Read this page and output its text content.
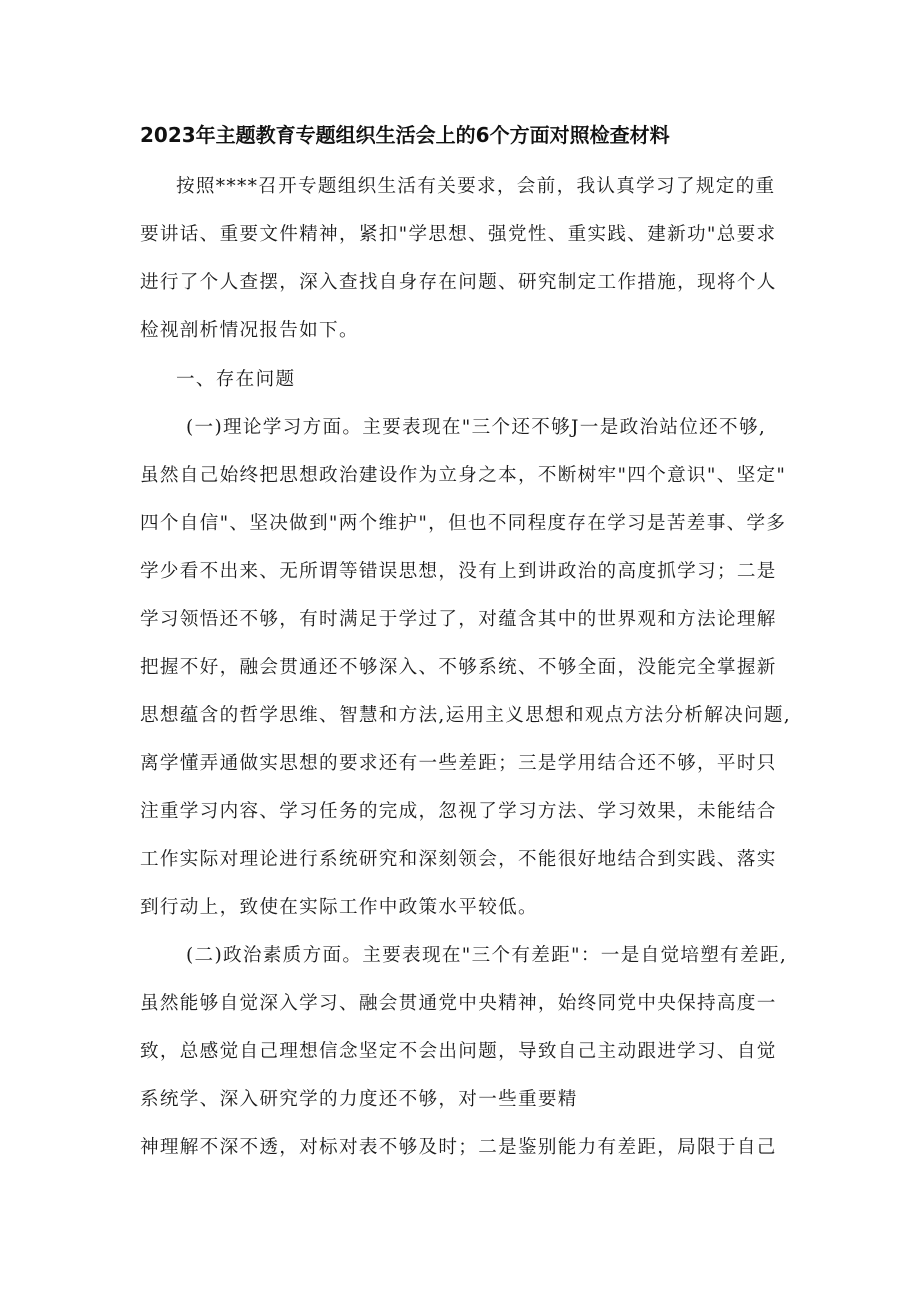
2023年主题教育专题组织生活会上的6个方面对照检查材料
按照****召开专题组织生活有关要求，会前，我认真学习了规定的重
要讲话、重要文件精神，紧扣"学思想、强党性、重实践、建新功"总要求
进行了个人查摆，深入查找自身存在问题、研究制定工作措施，现将个人
检视剖析情况报告如下。
一、存在问题
(一)理论学习方面。主要表现在"三个还不够J一是政治站位还不够,
虽然自己始终把思想政治建设作为立身之本，不断树牢"四个意识"、坚定"
四个自信"、坚决做到"两个维护"，但也不同程度存在学习是苦差事、学多
学少看不出来、无所谓等错误思想，没有上到讲政治的高度抓学习；二是
学习领悟还不够，有时满足于学过了，对蕴含其中的世界观和方法论理解
把握不好，融会贯通还不够深入、不够系统、不够全面，没能完全掌握新
思想蕴含的哲学思维、智慧和方法,运用主义思想和观点方法分析解决问题,
离学懂弄通做实思想的要求还有一些差距；三是学用结合还不够，平时只
注重学习内容、学习任务的完成，忽视了学习方法、学习效果，未能结合
工作实际对理论进行系统研究和深刻领会，不能很好地结合到实践、落实
到行动上，致使在实际工作中政策水平较低。
(二)政治素质方面。主要表现在"三个有差距"：一是自觉培塑有差距,
虽然能够自觉深入学习、融会贯通党中央精神，始终同党中央保持高度一
致，总感觉自己理想信念坚定不会出问题，导致自己主动跟进学习、自觉
系统学、深入研究学的力度还不够，对一些重要精
神理解不深不透，对标对表不够及时；二是鉴别能力有差距，局限于自己
